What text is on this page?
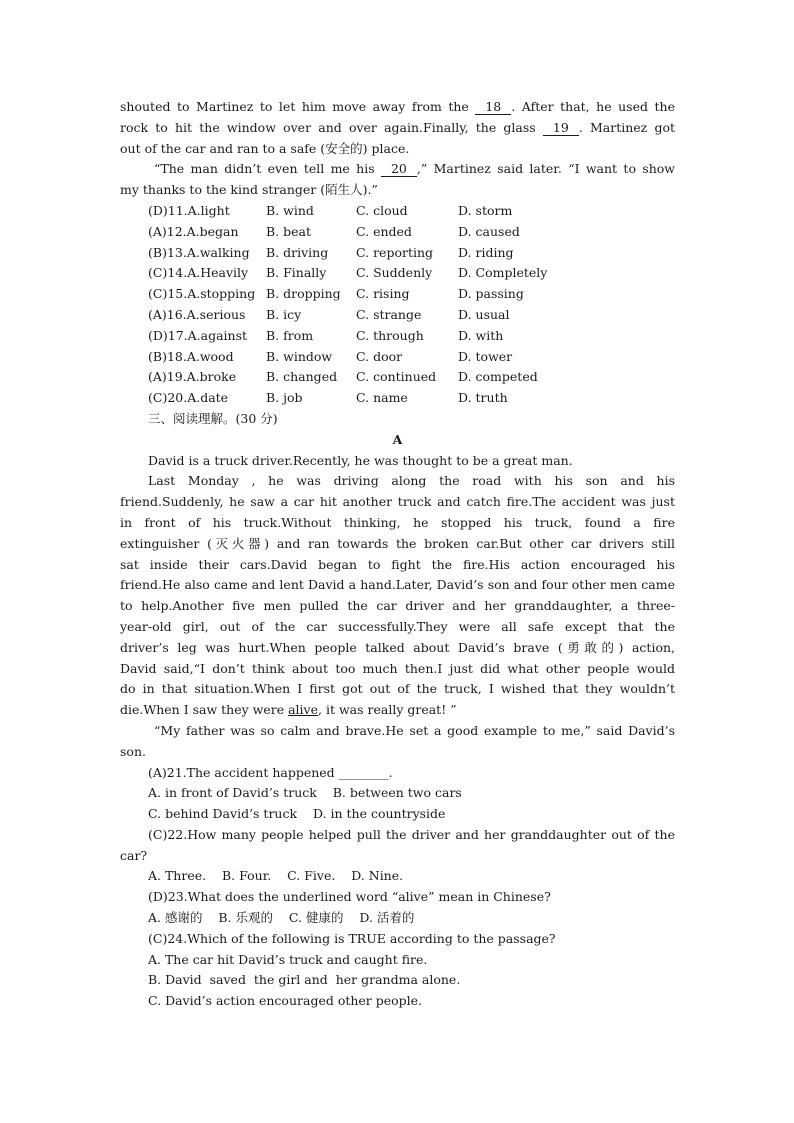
shouted to Martinez to let him move away from the 18 . After that, he used the
rock to hit the window over and over again.Finally, the glass 19 . Martinez got
out of the car and ran to a safe (安全的) place.
“The man didn’t even tell me his 20 ,” Martinez said later. “I want to show
my thanks to the kind stranger (陌生人).”
(D)11.A.light	B. wind	C. cloud	D. storm
(A)12.A.began B. beat	C. ended	D. caused
(B)13.A.walking B. driving C. reporting D. riding
(C)14.A.Heavily B. Finally C. Suddenly D. Completely
(C)15.A.stopping B. dropping C. rising	D. passing
(A)16.A.serious B. icy	C. strange	D. usual
(D)17.A.against B. from	C. through	D. with
(B)18.A.wood	B. window C. door	D. tower
(A)19.A.broke B. changed C. continued D. competed
(C)20.A.date	B. job	C. name	D. truth
三、阅读理解。(30 分)
A
David is a truck driver.Recently, he was thought to be a great man.
Last Monday , he was driving along the road with his son and his
friend.Suddenly, he saw a car hit another truck and catch fire.The accident was just
in front of his truck.Without thinking, he stopped his truck, found a fire
extinguisher (灭火器) and ran towards the broken car.But other car drivers still
sat inside their cars.David began to fight the fire.His action encouraged his
friend.He also came and lent David a hand.Later, David’s son and four other men came
to help.Another five men pulled the car driver and her granddaughter, a three-
year-old girl, out of the car successfully.They were all safe except that the
driver’s leg was hurt.When people talked about David’s brave (勇敢的) action,
David said,“I don’t think about too much then.I just did what other people would
do in that situation.When I first got out of the truck, I wished that they wouldn’t
die.When I saw they were alive, it was really great! ”
“My father was so calm and brave.He set a good example to me,” said David’s
son.
(A)21.The accident happened ________.
A. in front of David’s truck    B. between two cars
C. behind David’s truck    D. in the countryside
(C)22.How many people helped pull the driver and her granddaughter out of the
car?
A. Three.    B. Four.    C. Five.    D. Nine.
(D)23.What does the underlined word “alive” mean in Chinese?
A. 感谢的    B. 乐观的    C. 健康的    D. 活着的
(C)24.Which of the following is TRUE according to the passage?
A. The car hit David’s truck and caught fire.
B. David  saved  the girl and  her grandma alone.
C. David’s action encouraged other people.
